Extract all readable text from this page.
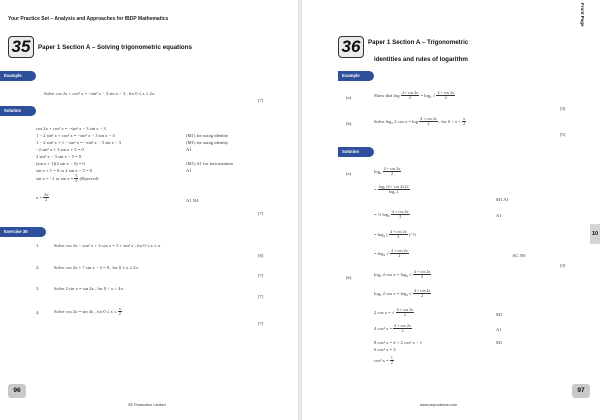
Your Practice Set – Analysis and Approaches for IBDP Mathematics
35	Paper 1 Section A – Solving trigonometric equations
Example
Solve cos 2x + cos² x = −sin² x − 3 sin x − 3 , for 0 ≤ x ≤ 2π .
[7]
Solution
cos 2x + cos² x = −sin² x − 3 sin x − 3
1 − 2 sin² x + cos² x = −sin² x − 3 sin x − 3	(M1) for using identity
1 − 2 sin² x + 1 − sin² x = −sin² x − 3 sin x − 3	(M1) for using identity
−2 sin² x + 3 sin x + 5 = 0	A1
2 sin² x − 3 sin x − 5 = 0
(sin x + 1)(2 sin x − 5) = 0	(M1) A1 for factorization
sin x + 1 = 0 or 2 sin x − 5 = 0	A1
sin x = −1 or $\sin x = \frac{5}{2}$ (Rejected)
$x = \frac{3\pi}{2}$	A1 N4
[7]
Exercise 35
1.	Solve cos 2x − cos² x + 3 cos x = 3 + sin² x , for 0 ≤ x ≤ π .
[6]
2.	Solve cos 2x + 7 sin x − 4 = 0 , for 0 ≤ x ≤ 2π .
[7]
3.	Solve 2 sin x = sin 2x , for 0 < x < 4π .
[7]
4.	Solve cos 2x = sin 4x , for $0 \le x \le \frac{\pi}{2}$
[7]
96
SE Production Limited
Front Page
36	Paper 1 Section A – Trigonometric
identities and rules of logarithm
Example
(a)	Show that $\log \frac{4 + \cos 2x}{2} = \log_2$ √ $\frac{4 + \cos 2x}{2}$
[3]
(b)	Solve log₂ 2 $\cos x = \log \frac{4 + \cos 2x}{2}$ , for $0 < x < \frac{\pi}{2}$
[5]
Solution
(a)	$\log_2 \frac{4 + \cos 2x}{2}$
= $\frac{\text{log₂ (4 + cos 2x)/2}}{\text{log₂ 2}}$
M1 A1
= ½ $\log_2 \frac{4 + \cos 2x}{2}$	A1
= log₂ ( $\frac{4 + \cos 2x}{2}$ )^½
= log₂ √ $\frac{4 + \cos 2x}{2}$	AG N0
[3]
(b)
log₂ 2 cos x = log₂ √ $\frac{4 + \cos 2x}{2}$
log₂ 2 cos x = log₂ √ $\frac{4 + \cos 2x}{2}$
2 cos x = √ $\frac{4 + \cos 2x}{2}$	M1
4 cos² $x = \frac{4 + \cos 2x}{2}$	A1
8 cos² x = 4 + 2 cos² x − 1	M1
6 cos² x = 3
cos² $x = \frac{1}{2}$
10
97
www.seprodstore.com
